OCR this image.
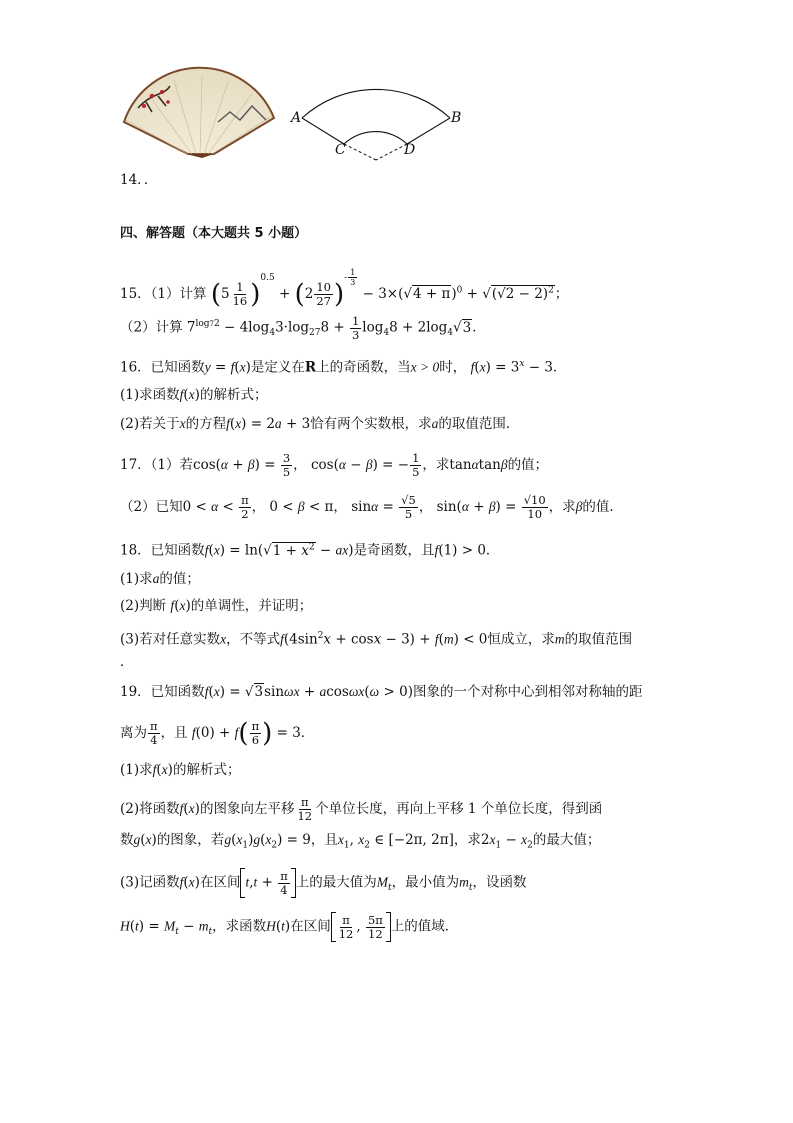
A	B
C	D
14．．
四、解答题（本大题共 5 小题）
15．（1）计算 $(5 \frac{1}{16} )^{0.5} + (2 \frac{10}{27} )^{- \frac{1}{3}}$
− $3\times(√4 + \pi)^0 + √(√2 - 2)^2$；
（2）计算 $7^{log72} - 4\log_43\cdot\log_{27}8 + \frac{1}{3} \log_48 + 2\log_4√3$．
16．已知函数y = f(x)是定义在R上的奇函数，当x > 0时， $f(x) = 3^x - 3$．
(1)求函数f(x)的解析式；
(2)若关于x的方程f(x) = 2a + 3恰有两个实数根，求a的取值范围．
17．（1）若$\cos(\alpha + \beta) = \frac{3}{5}$ ， cos(α − β) = − $\frac{1}{5}$ ，求tanαtanβ的值；
（2）已知$0 < \alpha < \frac{\pi}{2}$ ， 0 < β < π， $\sin\alpha = \frac{√5}{5}$ ， $\sin(\alpha + \beta) = \frac{√10}{10}$ ，求β的值．
18．已知函数$f(x) = \ln(√1 + x^2 - ax)$是奇函数，且f(1) > 0．
(1)求a的值；
(2)判断 f(x)的单调性，并证明；
(3)若对任意实数x，不等式$f(4\sin^2x + \cos x - 3) + f(m) < 0$恒成立，求m的取值范围
．
19．已知函数f(x) = √3sinωx + acosωx(ω > 0)图象的一个对称中心到相邻对称轴的距
离为 $\frac{\pi}{4}$ ，且 $f(0) + f( \frac{\pi}{6}$ ) = 3．
(1)求f(x)的解析式；
(2)将函数f(x)的图象向左平移 $\frac{\pi}{12}$ 个单位长度，再向上平移 1 个单位长度，得到函
数g(x)的图象，若$g(x_1)g(x_2) = 9$，且$x_1$, $x_2$ ∈ [−2π, 2π]，求$2x_1 - x_2$的最大值；
(3)记函数f(x)在区间 $t,t + \frac{\pi}{4}$ 上的最大值为$M_t$，最小值为$m_t$，设函数
$H(t) = M_t - m_t$，求函数H(t)在区间 $\frac{\pi}{12}$ , $\frac{5\pi}{12}$ 上的值域．
